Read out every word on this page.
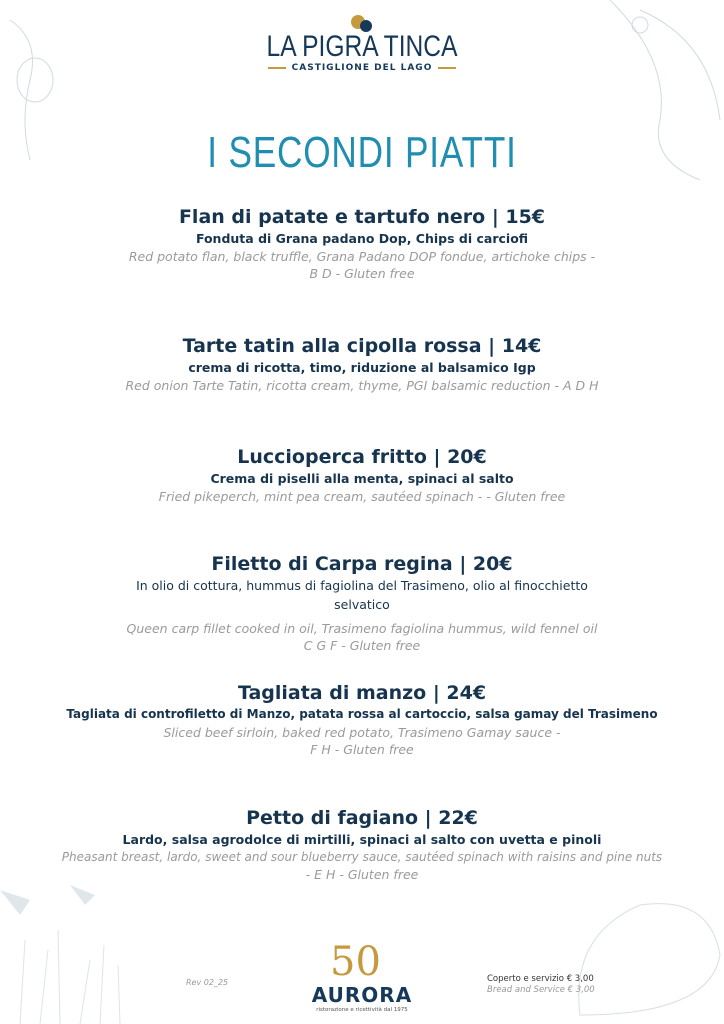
LA PIGRA TINCA
CASTIGLIONE DEL LAGO
I SECONDI PIATTI
Flan di patate e tartufo nero | 15€
Fonduta di Grana padano Dop, Chips di carciofi
Red potato flan, black truffle, Grana Padano DOP fondue, artichoke chips -
B D - Gluten free
Tarte tatin alla cipolla rossa | 14€
crema di ricotta, timo, riduzione al balsamico Igp
Red onion Tarte Tatin, ricotta cream, thyme, PGI balsamic reduction - A D H
Luccioperca fritto | 20€
Crema di piselli alla menta, spinaci al salto
Fried pikeperch, mint pea cream, sautéed spinach - - Gluten free
Filetto di Carpa regina | 20€
In olio di cottura, hummus di fagiolina del Trasimeno, olio al finocchietto selvatico
Queen carp fillet cooked in oil, Trasimeno fagiolina hummus, wild fennel oil
C G F - Gluten free
Tagliata di manzo | 24€
Tagliata di controfiletto di Manzo, patata rossa al cartoccio, salsa gamay del Trasimeno
Sliced beef sirloin, baked red potato, Trasimeno Gamay sauce -
F H - Gluten free
Petto di fagiano | 22€
Lardo, salsa agrodolce di mirtilli, spinaci al salto con uvetta e pinoli
Pheasant breast, lardo, sweet and sour blueberry sauce, sautéed spinach with raisins and pine nuts
- E H - Gluten free
Rev 02_25	50
AURORA
ristorazione e ricettività dal 1975
Coperto e servizio € 3,00
Bread and Service € 3,00
